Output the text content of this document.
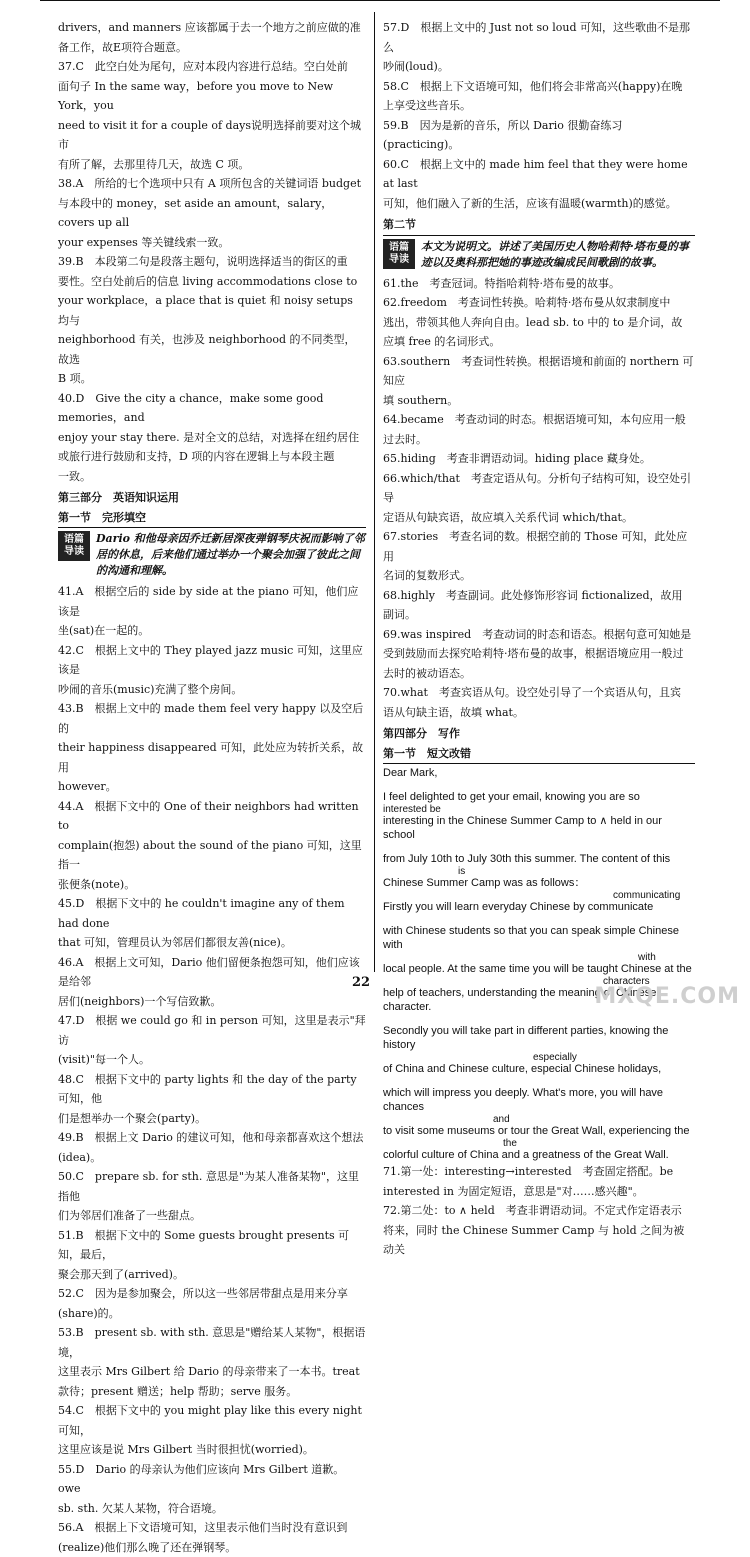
drivers，and manners 应该都属于去一个地方之前应做的准
备工作，故E项符合题意。
37.C　此空白处为尾句，应对本段内容进行总结。空白处前
面句子 In the same way，before you move to New York，you
need to visit it for a couple of days说明选择前要对这个城市
有所了解，去那里待几天，故选 C 项。
38.A　所给的七个选项中只有 A 项所包含的关键词语 budget
与本段中的 money，set aside an amount，salary，covers up all
your expenses 等关键线索一致。
39.B　本段第二句是段落主题句，说明选择适当的街区的重
要性。空白处前后的信息 living accommodations close to
your workplace，a place that is quiet 和 noisy setups 均与
neighborhood 有关，也涉及 neighborhood 的不同类型，故选
B 项。
40.D　Give the city a chance，make some good memories，and
enjoy your stay there. 是对全文的总结，对选择在纽约居住
或旅行进行鼓励和支持，D 项的内容在逻辑上与本段主题
一致。
第三部分　英语知识运用
第一节　完形填空
语篇导读
Dario 和他母亲因乔迁新居深夜弹钢琴庆祝而影响了邻居的休息，后来他们通过举办一个聚会加强了彼此之间的沟通和理解。
41.A　根据空后的 side by side at the piano 可知，他们应该是
坐(sat)在一起的。
42.C　根据上文中的 They played jazz music 可知，这里应该是
吵闹的音乐(music)充满了整个房间。
43.B　根据上文中的 made them feel very happy 以及空后的
their happiness disappeared 可知，此处应为转折关系，故用
however。
44.A　根据下文中的 One of their neighbors had written to
complain(抱怨) about the sound of the piano 可知，这里指一
张便条(note)。
45.D　根据下文中的 he couldn't imagine any of them had done
that 可知，管理员认为邻居们都很友善(nice)。
46.A　根据上文可知，Dario 他们留便条抱怨可知，他们应该是给邻
居们(neighbors)一个写信致歉。
47.D　根据 we could go 和 in person 可知，这里是表示"拜访
(visit)"每一个人。
48.C　根据下文中的 party lights 和 the day of the party 可知，他
们是想举办一个聚会(party)。
49.B　根据上文 Dario 的建议可知，他和母亲都喜欢这个想法
(idea)。
50.C　prepare sb. for sth. 意思是"为某人准备某物"，这里指他
们为邻居们准备了一些甜点。
51.B　根据下文中的 Some guests brought presents 可知，最后，
聚会那天到了(arrived)。
52.C　因为是参加聚会，所以这一些邻居带甜点是用来分享
(share)的。
53.B　present sb. with sth. 意思是"赠给某人某物"，根据语境，
这里表示 Mrs Gilbert 给 Dario 的母亲带来了一本书。treat
款待；present 赠送；help 帮助；serve 服务。
54.C　根据下文中的 you might play like this every night 可知，
这里应该是说 Mrs Gilbert 当时很担忧(worried)。
55.D　Dario 的母亲认为他们应该向 Mrs Gilbert 道歉。owe
sb. sth. 欠某人某物，符合语境。
56.A　根据上下文语境可知，这里表示他们当时没有意识到
(realize)他们那么晚了还在弹钢琴。
57.D　根据上文中的 Just not so loud 可知，这些歌曲不是那么
吵闹(loud)。
58.C　根据上下文语境可知，他们将会非常高兴(happy)在晚
上享受这些音乐。
59.B　因为是新的音乐，所以 Dario 很勤奋练习(practicing)。
60.C　根据上文中的 made him feel that they were home at last
可知，他们融入了新的生活，应该有温暖(warmth)的感觉。
第二节
语篇导读
本文为说明文。讲述了美国历史人物哈莉特·塔布曼的事迹以及奥科那把她的事迹改编成民间歌剧的故事。
61.the　考查冠词。特指哈莉特·塔布曼的故事。
62.freedom　考查词性转换。哈莉特·塔布曼从奴隶制度中
逃出，带领其他人奔向自由。lead sb. to 中的 to 是介词，故
应填 free 的名词形式。
63.southern　考查词性转换。根据语境和前面的 northern 可知应
填 southern。
64.became　考查动词的时态。根据语境可知，本句应用一般
过去时。
65.hiding　考查非谓语动词。hiding place 藏身处。
66.which/that　考查定语从句。分析句子结构可知，设空处引导
定语从句缺宾语，故应填入关系代词 which/that。
67.stories　考查名词的数。根据空前的 Those 可知，此处应用
名词的复数形式。
68.highly　考查副词。此处修饰形容词 fictionalized，故用
副词。
69.was inspired　考查动词的时态和语态。根据句意可知她是
受到鼓励而去探究哈莉特·塔布曼的故事，根据语境应用一般过
去时的被动语态。
70.what　考查宾语从句。设空处引导了一个宾语从句，且宾
语从句缺主语，故填 what。
第四部分　写作
第一节　短文改错
Dear Mark,
I feel delighted to get your email, knowing you are so
interested be
interesting in the Chinese Summer Camp to ∧ held in our school
from July 10th to July 30th this summer. The content of this
is
Chinese Summer Camp was as follows：
communicating
Firstly you will learn everyday Chinese by communicate
with Chinese students so that you can speak simple Chinese with
with
local people. At the same time you will be taught Chinese at the
characters
help of teachers, understanding the meaning of Chinese character.
Secondly you will take part in different parties, knowing the history
especially
of China and Chinese culture, especial Chinese holidays,
which will impress you deeply. What's more, you will have chances
and
to visit some museums or tour the Great Wall, experiencing the
the
colorful culture of China and a greatness of the Great Wall.
71.第一处：interesting→interested　考查固定搭配。be
interested in 为固定短语，意思是"对……感兴趣"。
72.第二处：to ∧ held　考查非谓语动词。不定式作定语表示
将来，同时 the Chinese Summer Camp 与 hold 之间为被动关
22
MXQE.COM
